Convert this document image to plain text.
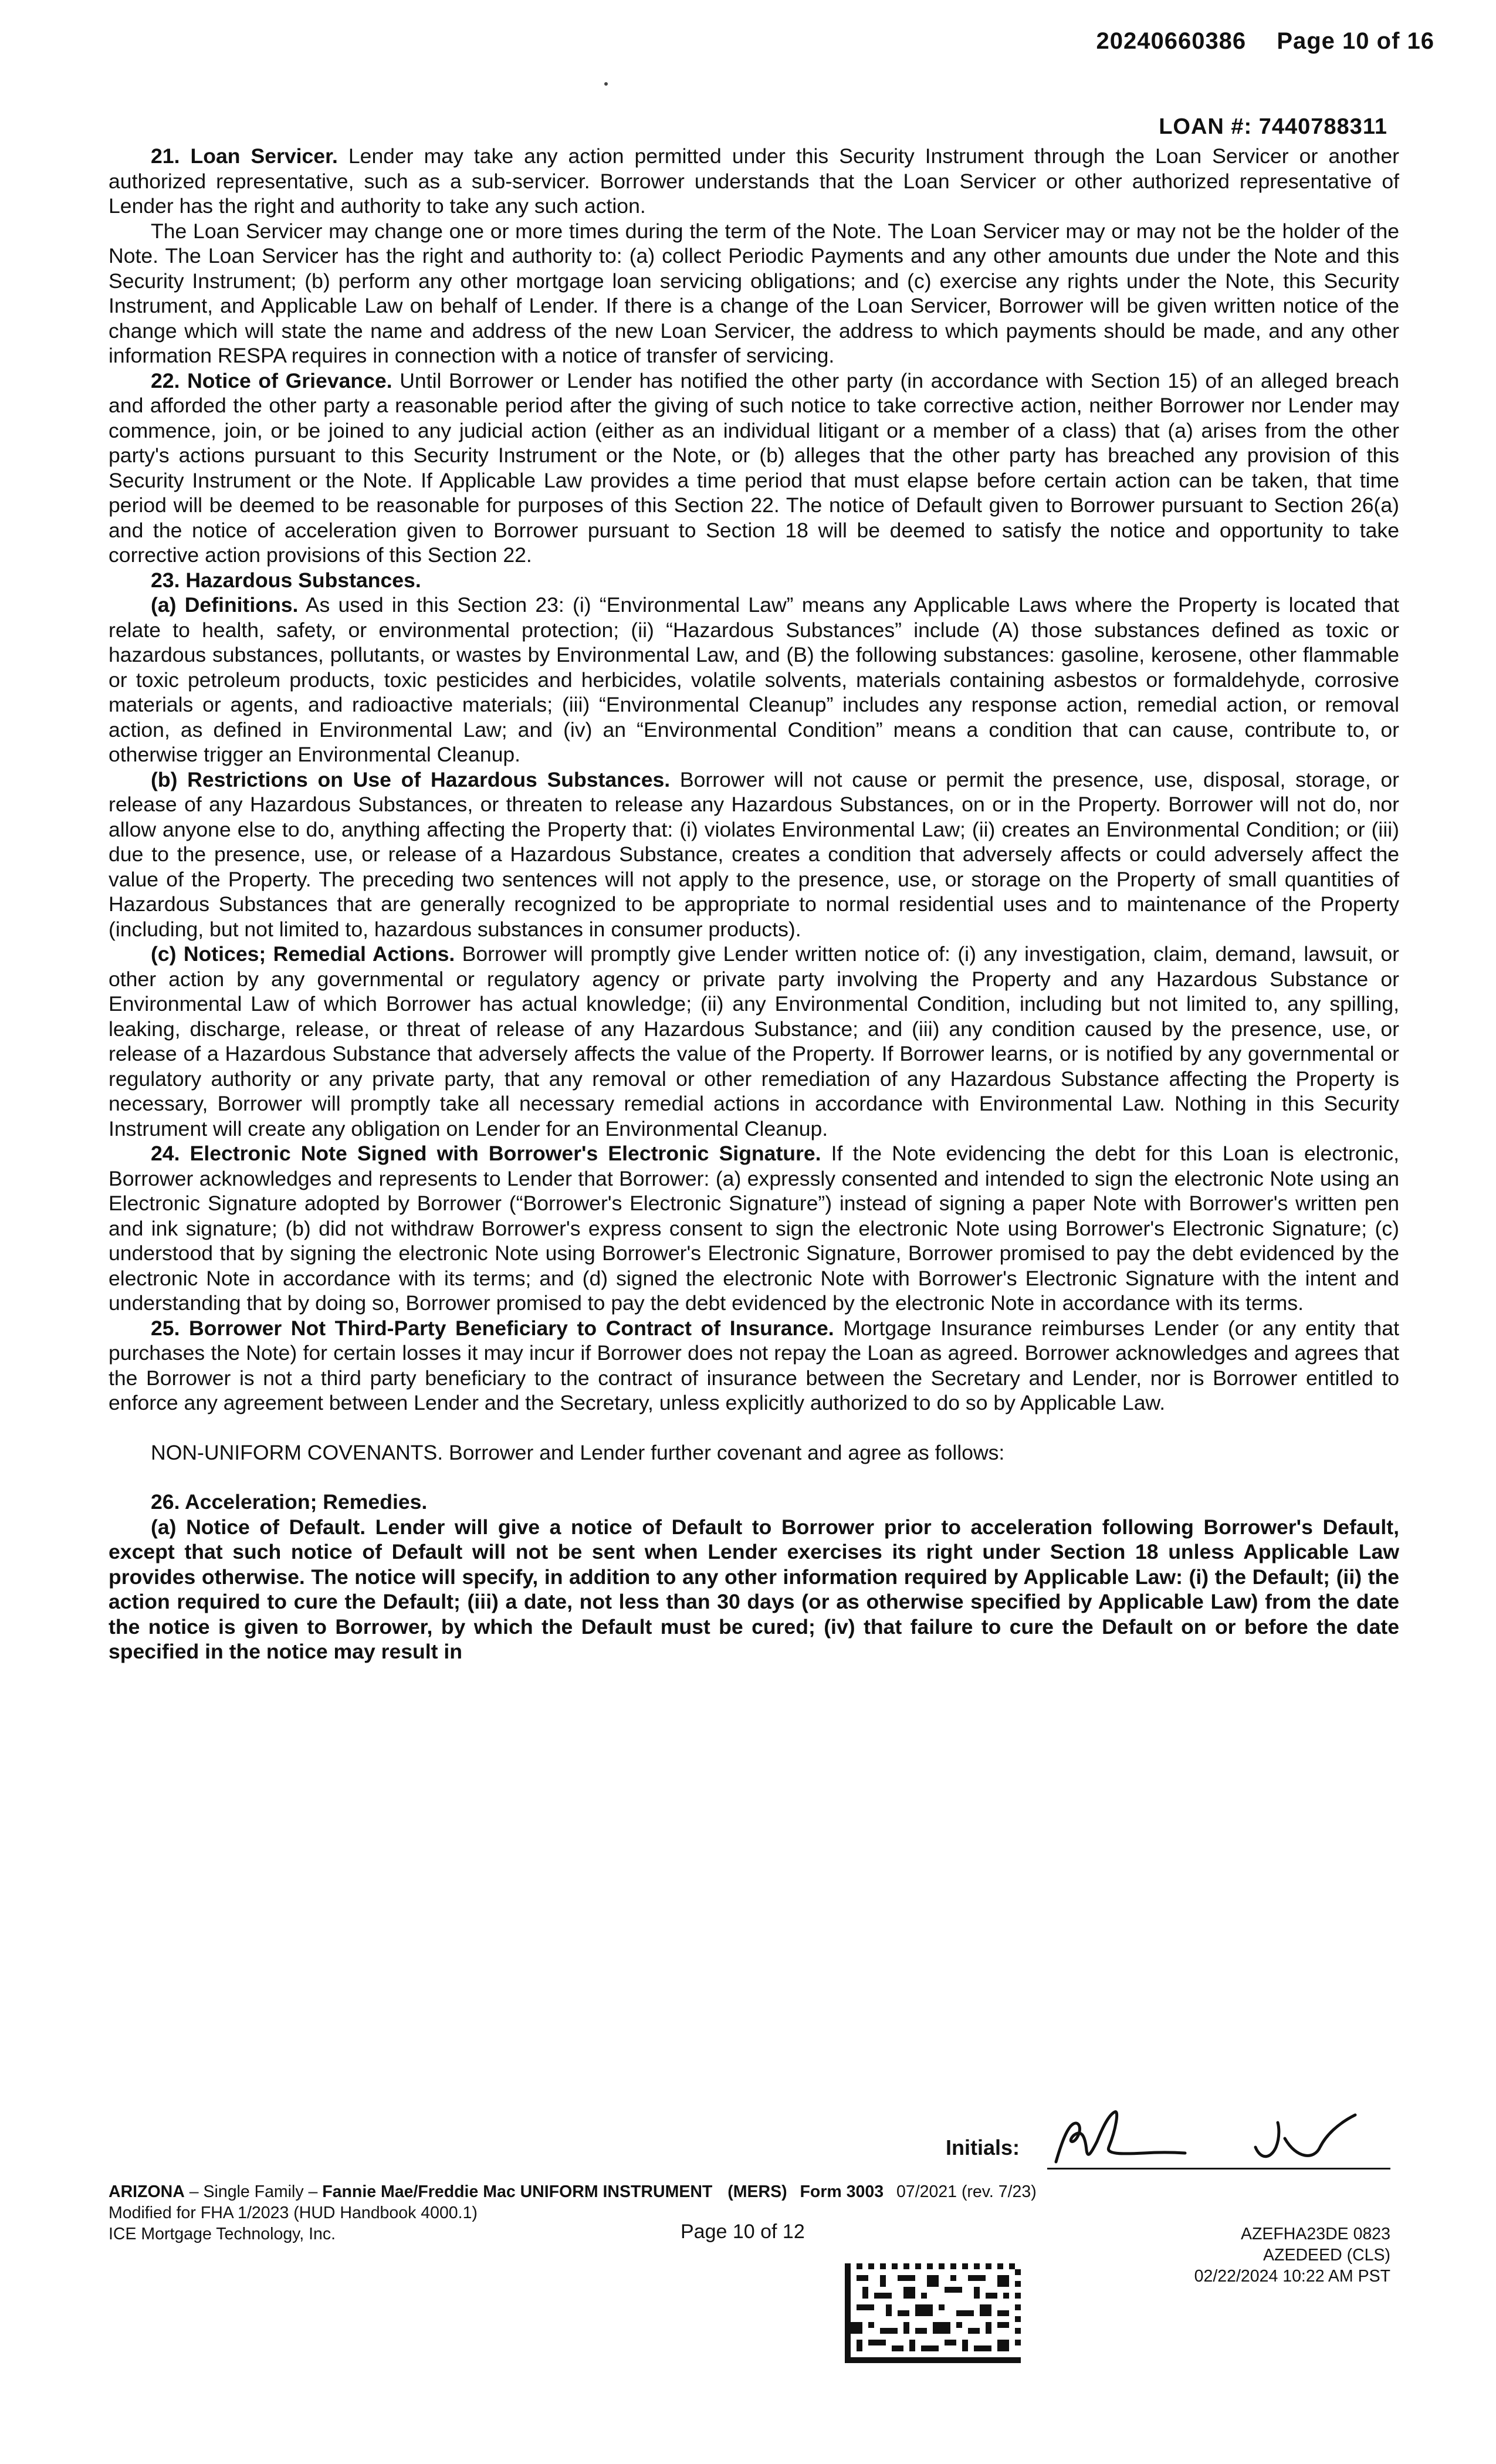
20240660386 Page 10 of 16
LOAN #: 7440788311

21. Loan Servicer. Lender may take any action permitted under this Security Instrument through the Loan Servicer or another authorized representative, such as a sub-servicer. Borrower understands that the Loan Servicer or other authorized representative of Lender has the right and authority to take any such action.

The Loan Servicer may change one or more times during the term of the Note. The Loan Servicer may or may not be the holder of the Note. The Loan Servicer has the right and authority to: (a) collect Periodic Payments and any other amounts due under the Note and this Security Instrument; (b) perform any other mortgage loan servicing obligations; and (c) exercise any rights under the Note, this Security Instrument, and Applicable Law on behalf of Lender. If there is a change of the Loan Servicer, Borrower will be given written notice of the change which will state the name and address of the new Loan Servicer, the address to which payments should be made, and any other information RESPA requires in connection with a notice of transfer of servicing.

22. Notice of Grievance. Until Borrower or Lender has notified the other party (in accordance with Section 15) of an alleged breach and afforded the other party a reasonable period after the giving of such notice to take corrective action, neither Borrower nor Lender may commence, join, or be joined to any judicial action (either as an individual litigant or a member of a class) that (a) arises from the other party's actions pursuant to this Security Instrument or the Note, or (b) alleges that the other party has breached any provision of this Security Instrument or the Note. If Applicable Law provides a time period that must elapse before certain action can be taken, that time period will be deemed to be reasonable for purposes of this Section 22. The notice of Default given to Borrower pursuant to Section 26(a) and the notice of acceleration given to Borrower pursuant to Section 18 will be deemed to satisfy the notice and opportunity to take corrective action provisions of this Section 22.

23. Hazardous Substances.

(a) Definitions. As used in this Section 23: (i) “Environmental Law” means any Applicable Laws where the Property is located that relate to health, safety, or environmental protection; (ii) “Hazardous Substances” include (A) those substances defined as toxic or hazardous substances, pollutants, or wastes by Environmental Law, and (B) the following substances: gasoline, kerosene, other flammable or toxic petroleum products, toxic pesticides and herbicides, volatile solvents, materials containing asbestos or formaldehyde, corrosive materials or agents, and radioactive materials; (iii) “Environmental Cleanup” includes any response action, remedial action, or removal action, as defined in Environmental Law; and (iv) an “Environmental Condition” means a condition that can cause, contribute to, or otherwise trigger an Environmental Cleanup.

(b) Restrictions on Use of Hazardous Substances. Borrower will not cause or permit the presence, use, disposal, storage, or release of any Hazardous Substances, or threaten to release any Hazardous Substances, on or in the Property. Borrower will not do, nor allow anyone else to do, anything affecting the Property that: (i) violates Environmental Law; (ii) creates an Environmental Condition; or (iii) due to the presence, use, or release of a Hazardous Substance, creates a condition that adversely affects or could adversely affect the value of the Property. The preceding two sentences will not apply to the presence, use, or storage on the Property of small quantities of Hazardous Substances that are generally recognized to be appropriate to normal residential uses and to maintenance of the Property (including, but not limited to, hazardous substances in consumer products).

(c) Notices; Remedial Actions. Borrower will promptly give Lender written notice of: (i) any investigation, claim, demand, lawsuit, or other action by any governmental or regulatory agency or private party involving the Property and any Hazardous Substance or Environmental Law of which Borrower has actual knowledge; (ii) any Environmental Condition, including but not limited to, any spilling, leaking, discharge, release, or threat of release of any Hazardous Substance; and (iii) any condition caused by the presence, use, or release of a Hazardous Substance that adversely affects the value of the Property. If Borrower learns, or is notified by any governmental or regulatory authority or any private party, that any removal or other remediation of any Hazardous Substance affecting the Property is necessary, Borrower will promptly take all necessary remedial actions in accordance with Environmental Law. Nothing in this Security Instrument will create any obligation on Lender for an Environmental Cleanup.

24. Electronic Note Signed with Borrower's Electronic Signature. If the Note evidencing the debt for this Loan is electronic, Borrower acknowledges and represents to Lender that Borrower: (a) expressly consented and intended to sign the electronic Note using an Electronic Signature adopted by Borrower (“Borrower's Electronic Signature”) instead of signing a paper Note with Borrower's written pen and ink signature; (b) did not withdraw Borrower's express consent to sign the electronic Note using Borrower's Electronic Signature; (c) understood that by signing the electronic Note using Borrower's Electronic Signature, Borrower promised to pay the debt evidenced by the electronic Note in accordance with its terms; and (d) signed the electronic Note with Borrower's Electronic Signature with the intent and understanding that by doing so, Borrower promised to pay the debt evidenced by the electronic Note in accordance with its terms.

25. Borrower Not Third-Party Beneficiary to Contract of Insurance. Mortgage Insurance reimburses Lender (or any entity that purchases the Note) for certain losses it may incur if Borrower does not repay the Loan as agreed. Borrower acknowledges and agrees that the Borrower is not a third party beneficiary to the contract of insurance between the Secretary and Lender, nor is Borrower entitled to enforce any agreement between Lender and the Secretary, unless explicitly authorized to do so by Applicable Law.

NON-UNIFORM COVENANTS. Borrower and Lender further covenant and agree as follows:

26. Acceleration; Remedies.

(a) Notice of Default. Lender will give a notice of Default to Borrower prior to acceleration following Borrower's Default, except that such notice of Default will not be sent when Lender exercises its right under Section 18 unless Applicable Law provides otherwise. The notice will specify, in addition to any other information required by Applicable Law: (i) the Default; (ii) the action required to cure the Default; (iii) a date, not less than 30 days (or as otherwise specified by Applicable Law) from the date the notice is given to Borrower, by which the Default must be cured; (iv) that failure to cure the Default on or before the date specified in the notice may result in

Initials:
ARIZONA – Single Family – Fannie Mae/Freddie Mac UNIFORM INSTRUMENT (MERS) Form 3003 07/2021 (rev. 7/23)
Modified for FHA 1/2023 (HUD Handbook 4000.1)
ICE Mortgage Technology, Inc.	Page 10 of 12	AZEFHA23DE 0823
AZEDEED (CLS)
02/22/2024 10:22 AM PST
